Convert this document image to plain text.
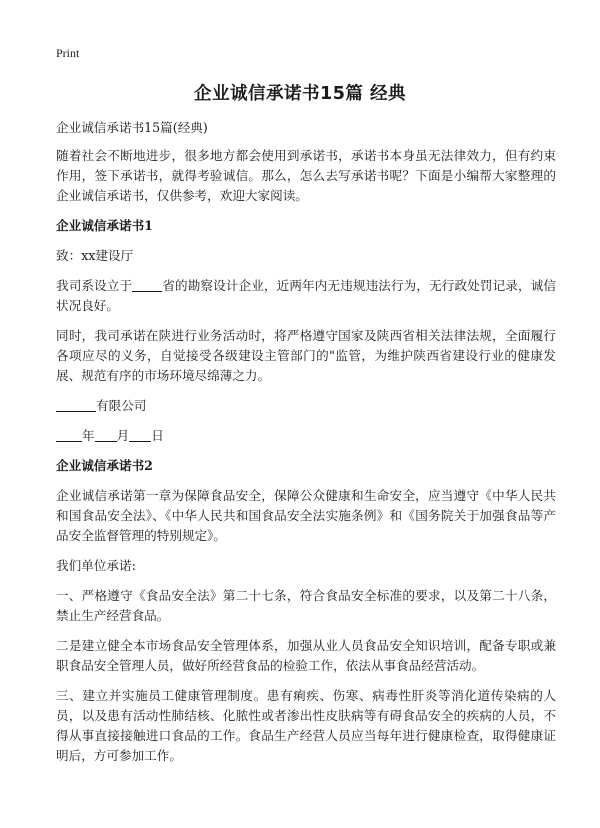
Print
企业诚信承诺书15篇 经典

企业诚信承诺书15篇(经典)

随着社会不断地进步，很多地方都会使用到承诺书，承诺书本身虽无法律效力，但有约束作用，签下承诺书，就得考验诚信。那么，怎么去写承诺书呢？下面是小编帮大家整理的企业诚信承诺书，仅供参考，欢迎大家阅读。

企业诚信承诺书1

致：xx建设厅

我司系设立于 省的勘察设计企业，近两年内无违规违法行为，无行政处罚记录，诚信状况良好。

同时，我司承诺在陕进行业务活动时，将严格遵守国家及陕西省相关法律法规，全面履行各项应尽的义务，自觉接受各级建设主管部门的"监管，为维护陕西省建设行业的健康发展、规范有序的市场环境尽绵薄之力。

有限公司

年 月 日

企业诚信承诺书2

企业诚信承诺第一章为保障食品安全，保障公众健康和生命安全，应当遵守《中华人民共和国食品安全法》、《中华人民共和国食品安全法实施条例》和《国务院关于加强食品等产品安全监督管理的特别规定》。

我们单位承诺:

一、严格遵守《食品安全法》第二十七条，符合食品安全标准的要求，以及第二十八条，禁止生产经营食品。

二是建立健全本市场食品安全管理体系，加强从业人员食品安全知识培训，配备专职或兼职食品安全管理人员，做好所经营食品的检验工作，依法从事食品经营活动。

三、建立并实施员工健康管理制度。患有痢疾、伤寒、病毒性肝炎等消化道传染病的人员，以及患有活动性肺结核、化脓性或者渗出性皮肤病等有碍食品安全的疾病的人员，不得从事直接接触进口食品的工作。食品生产经营人员应当每年进行健康检查，取得健康证明后，方可参加工作。
